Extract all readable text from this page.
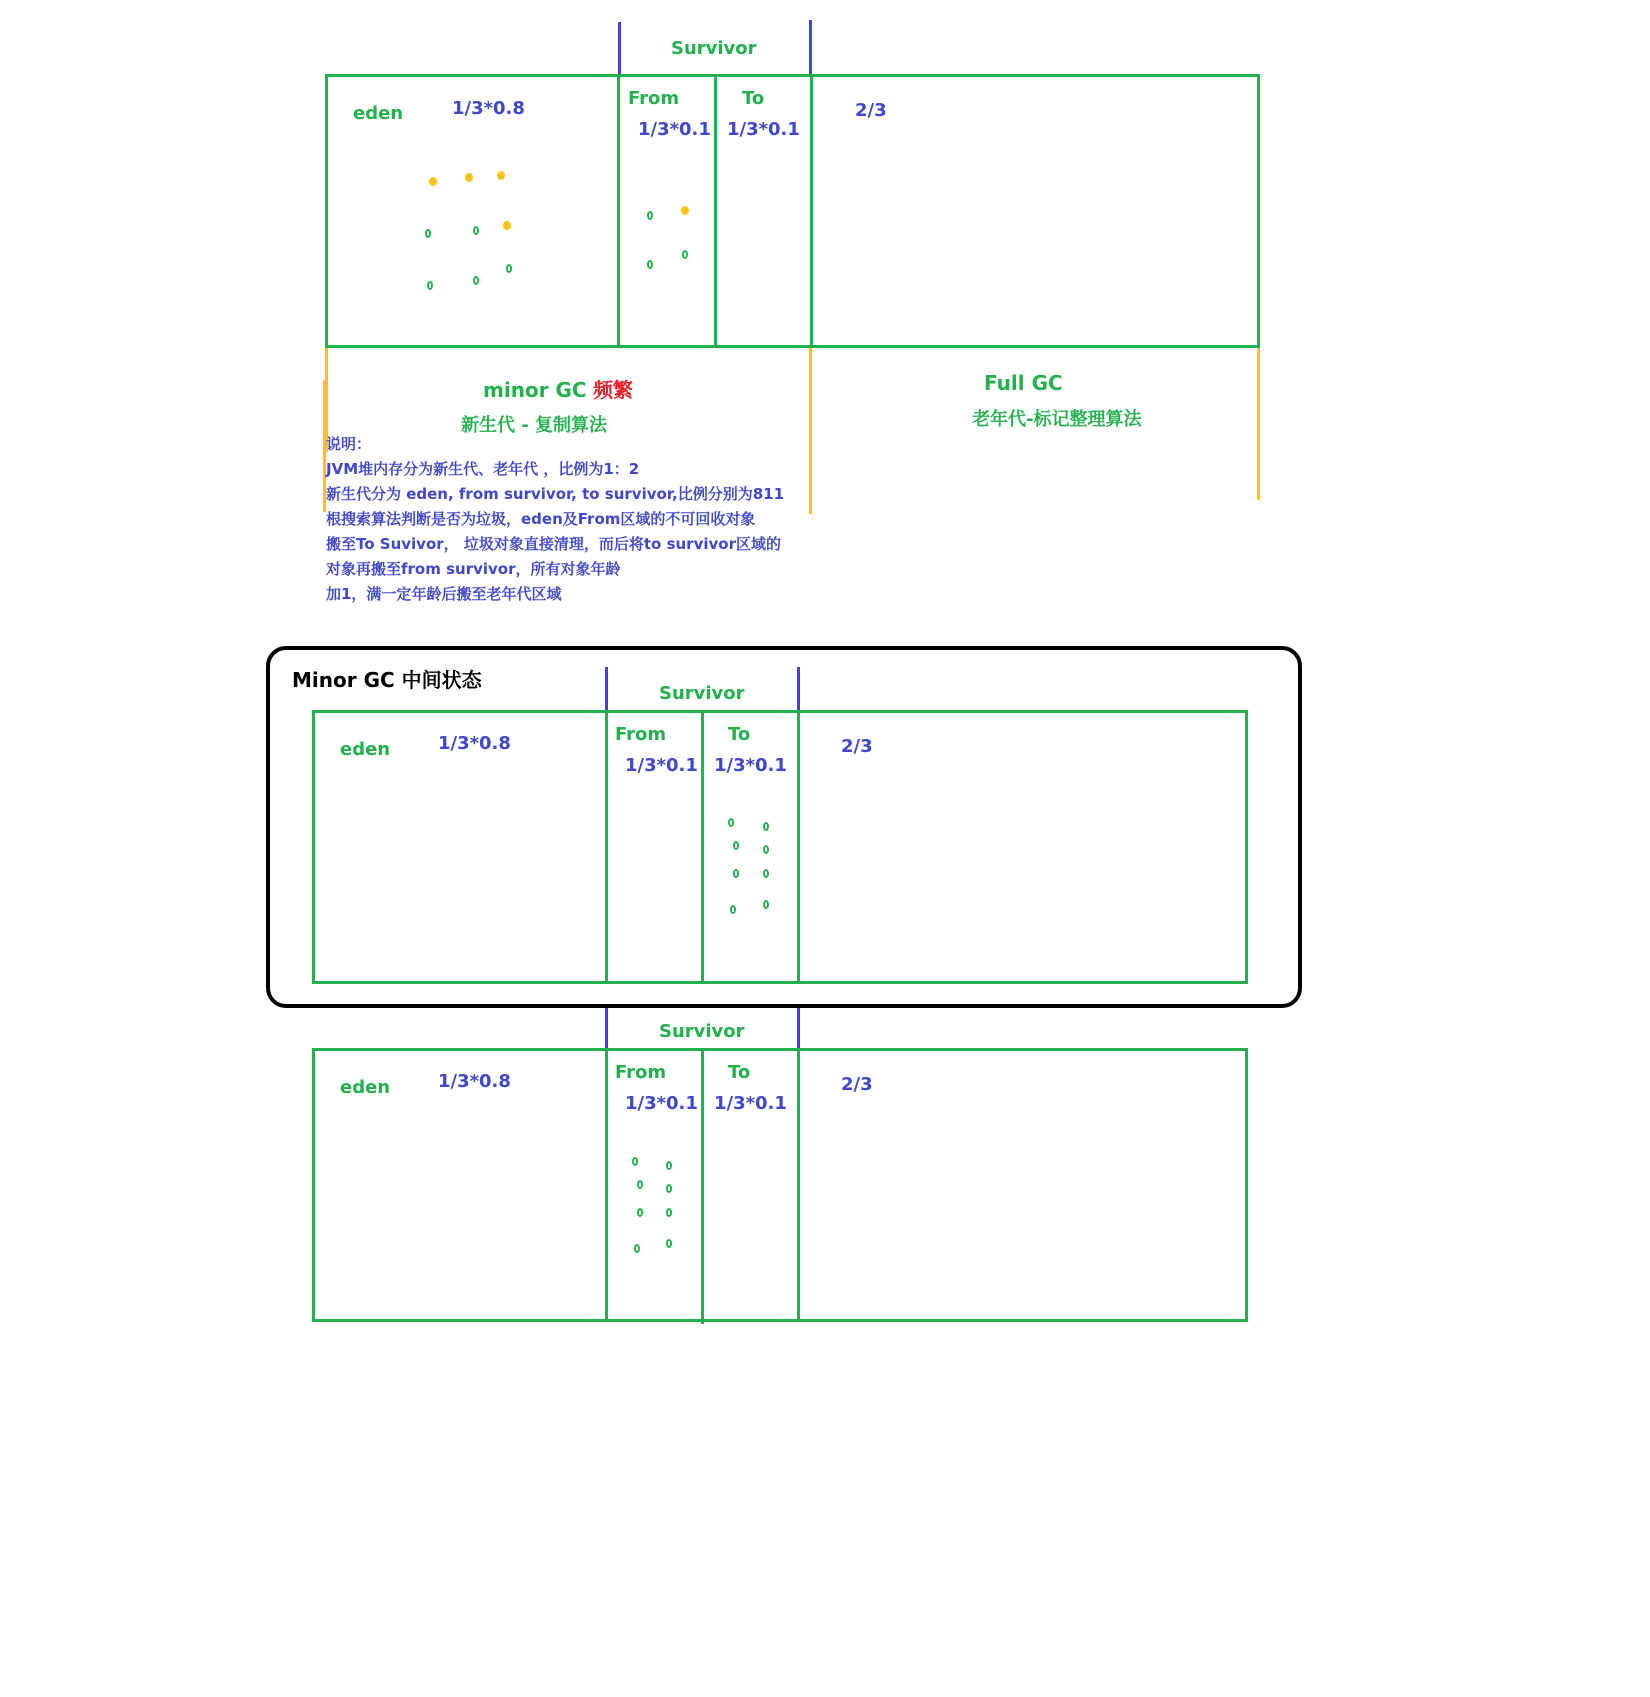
Survivor
eden	1/3*0.8	From
1/3*0.1
To
1/3*0.1
2/3
minor GC 频繁
新生代 - 复制算法
Full GC
老年代-标记整理算法
说明：
JVM堆内存分为新生代、老年代 ，比例为1：2
新生代分为 eden, from survivor, to survivor,比例分别为811
根搜索算法判断是否为垃圾，eden及From区域的不可回收对象
搬至To Suvivor， 垃圾对象直接清理，而后将to survivor区域的
对象再搬至from survivor，所有对象年龄
加1，满一定年龄后搬至老年代区域
Minor GC 中间状态
Survivor
eden	1/3*0.8	From
1/3*0.1
To
1/3*0.1
2/3
Survivor
eden	1/3*0.8	From
1/3*0.1
To
1/3*0.1
2/3
